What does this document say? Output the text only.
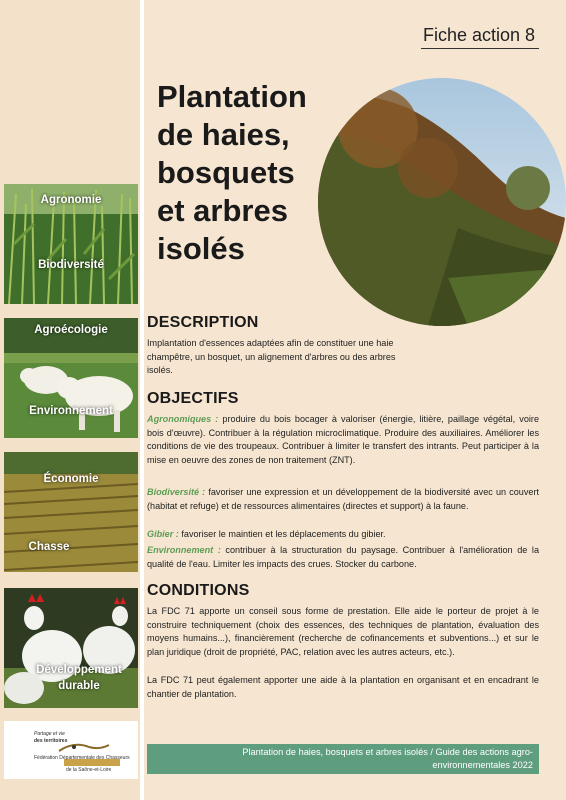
Agronomie
Biodiversité
Agroécologie
Environnement
Économie
Chasse
Développement
durable
Partage et vie
des territoires
Fédération Départementale des Chasseurs
de la Saône-et-Loire
Fiche action 8
Plantation
de haies,
bosquets
et arbres
isolés
DESCRIPTION
Implantation d'essences adaptées afin de constituer une haie champêtre, un bosquet, un alignement d'arbres ou des arbres isolés.
OBJECTIFS
Agronomiques : produire du bois bocager à valoriser (énergie, litière, paillage végétal, voire bois d'œuvre). Contribuer à la régulation microclimatique. Produire des auxiliaires. Améliorer les conditions de vie des troupeaux. Contribuer à limiter le transfert des intrants. Peut participer à la mise en oeuvre des zones de non traitement (ZNT).
Biodiversité : favoriser une expression et un développement de la biodiversité avec un couvert (habitat et refuge) et de ressources alimentaires (directes et support) à la faune.
Gibier : favoriser le maintien et les déplacements du gibier.
Environnement : contribuer à la structuration du paysage. Contribuer à l'amélioration de la qualité de l'eau. Limiter les impacts des crues. Stocker du carbone.
CONDITIONS
La FDC 71 apporte un conseil sous forme de prestation. Elle aide le porteur de projet à le construire techniquement (choix des essences, des techniques de plantation, évaluation des moyens humains...), financièrement (recherche de cofinancements et subventions...) et sur le plan juridique (droit de propriété, PAC, relation avec les autres acteurs, etc.).
La FDC 71 peut également apporter une aide à la plantation en organisant et en encadrant le chantier de plantation.
Plantation de haies, bosquets et arbres isolés / Guide des actions agro-
environnementales 2022
